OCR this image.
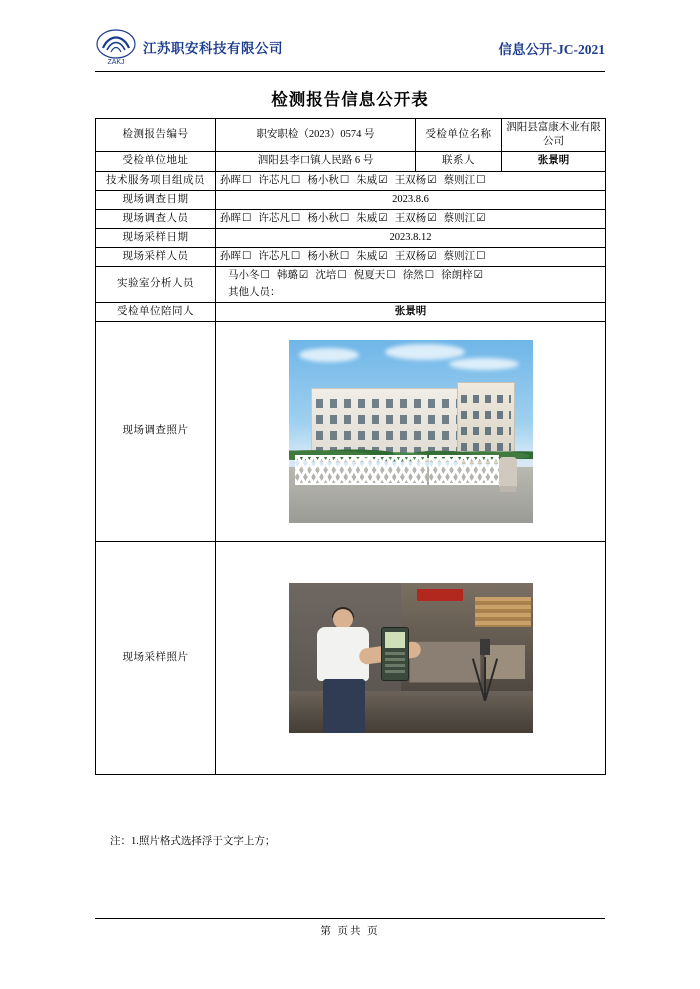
ZAKJ
江苏职安科技有限公司	信息公开-JC-2021
检测报告信息公开表
检测报告编号	职安职检（2023）0574 号	受检单位名称	泗阳县富康木业有限公司
受检单位地址	泗阳县李口镇人民路 6 号	联系人	张景明
技术服务项目组成员	孙晖☐ 许芯凡☐ 杨小秋☐ 朱威☑ 王双杨☑ 蔡则江☐		
现场调查日期	2023.8.6		
现场调查人员	孙晖☐ 许芯凡☐ 杨小秋☐ 朱威☑ 王双杨☑ 蔡则江☑		
现场采样日期	2023.8.12		
现场采样人员	孙晖☐ 许芯凡☐ 杨小秋☐ 朱威☑ 王双杨☑ 蔡则江☐		
实验室分析人员	马小冬☐ 韩璐☑ 沈培☐ 倪夏天☐ 徐然☐ 徐朗梓☑
其他人员：		

受检单位陪同人	张景明		
现场调查照片			

现场采样照片			
注：1.照片格式选择浮于文字上方；
第 页共 页
